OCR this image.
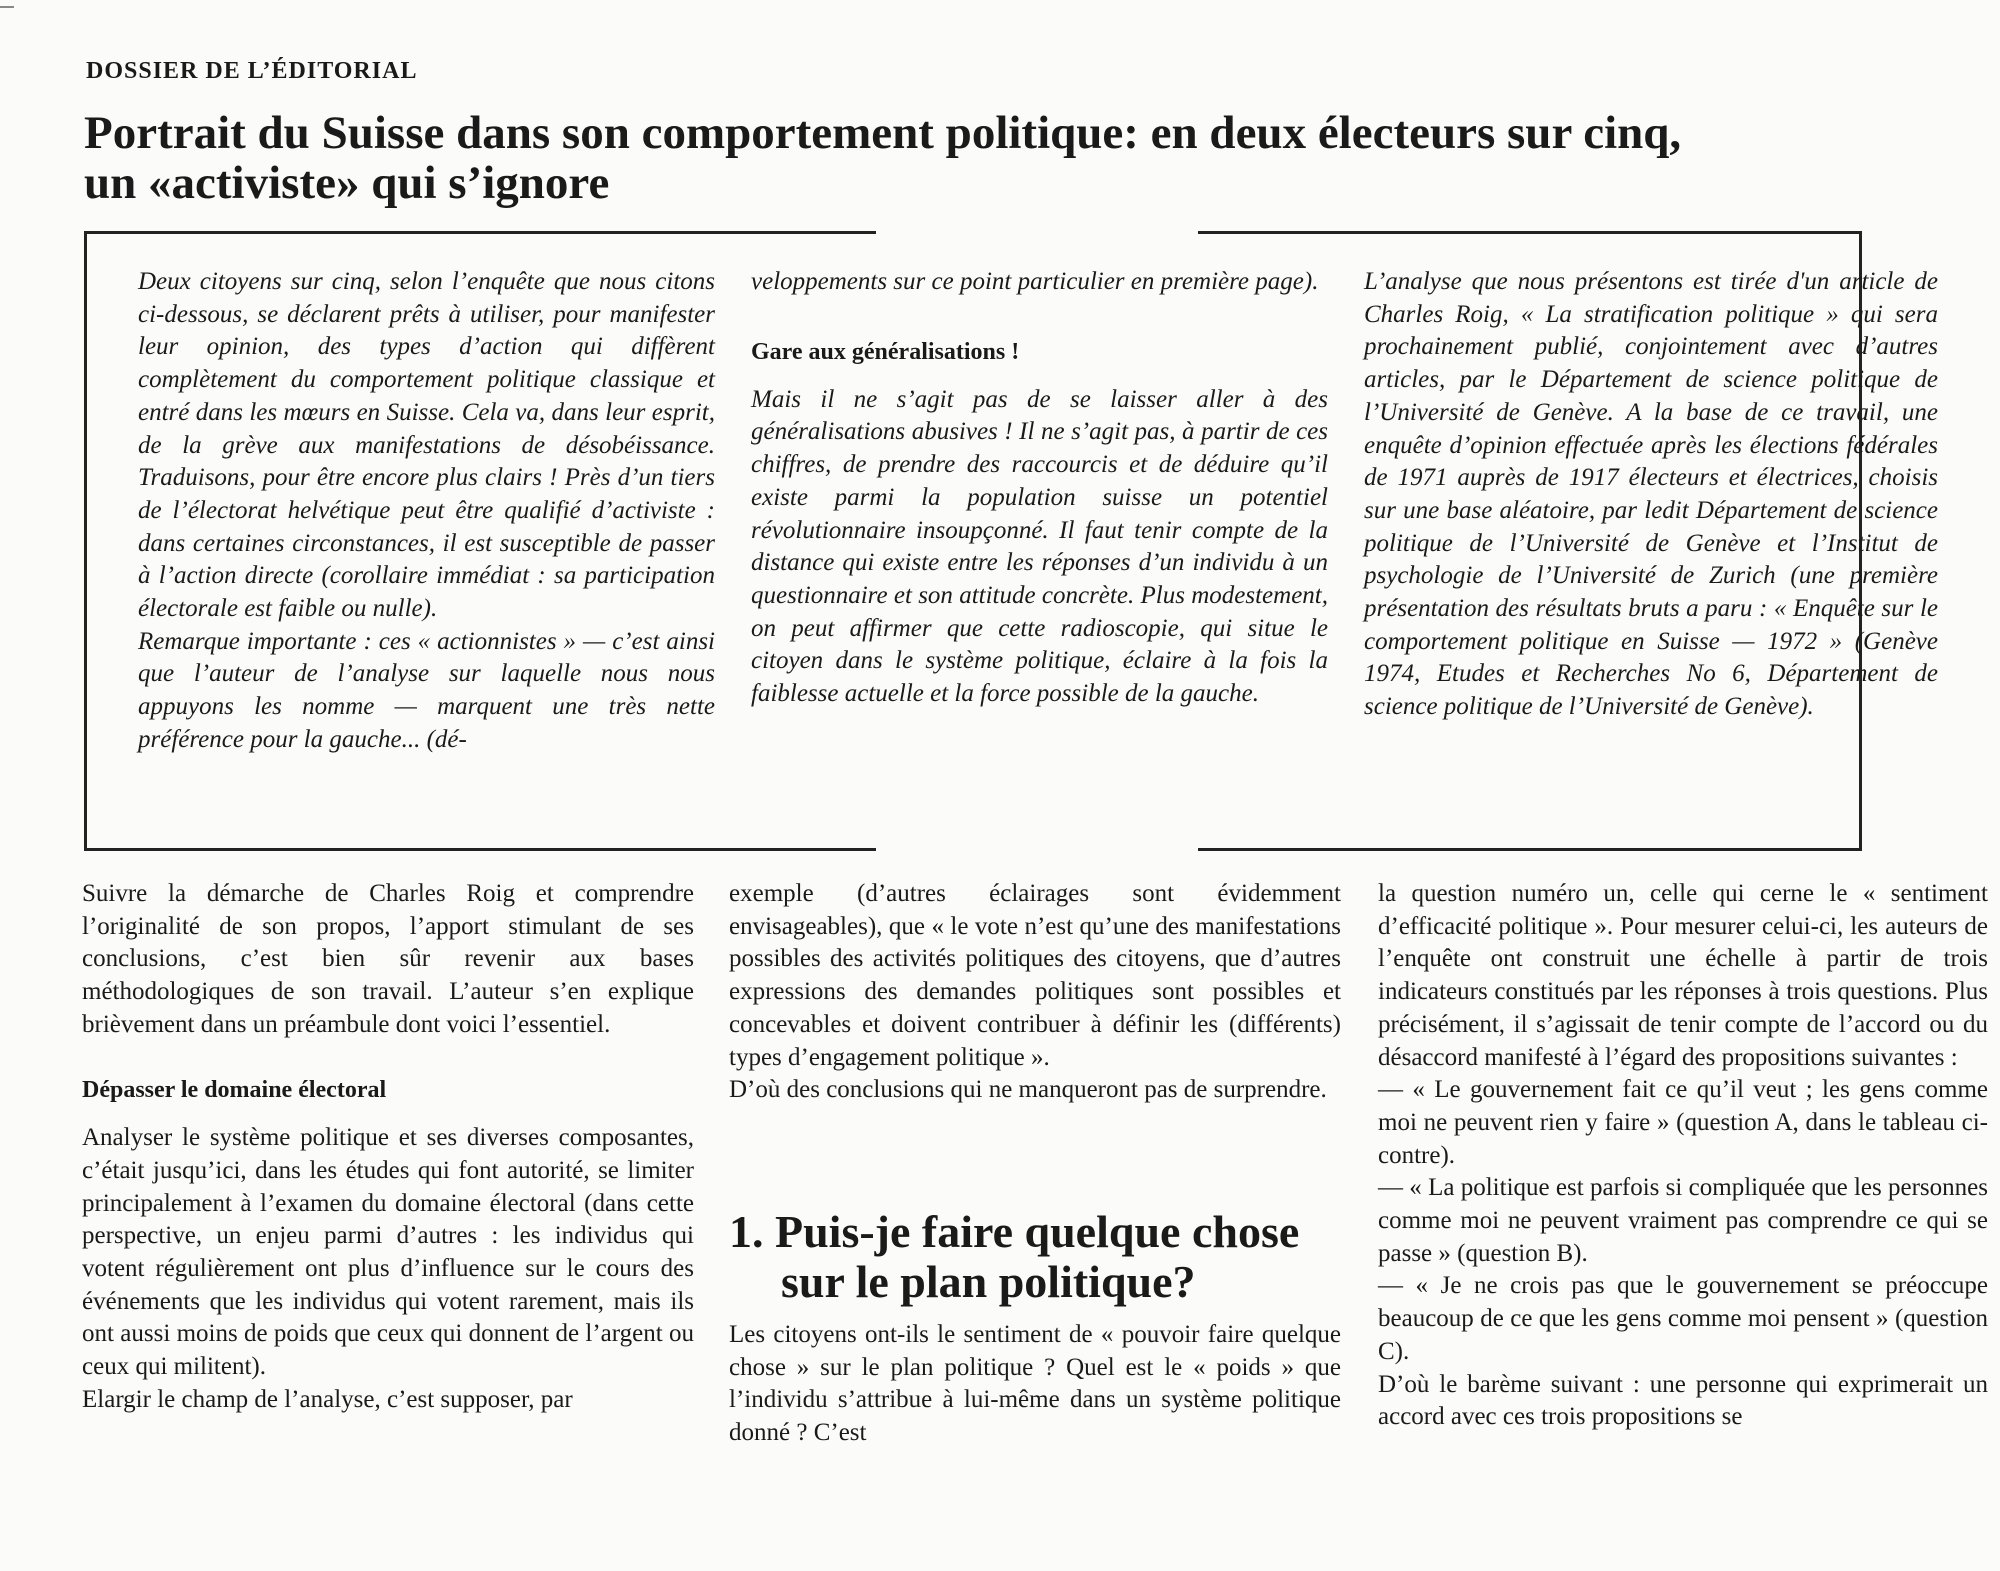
DOSSIER DE L’ÉDITORIAL
Portrait du Suisse dans son comportement politique: en deux électeurs sur cinq,
un «activiste» qui s’ignore

Deux citoyens sur cinq, selon l’enquête que nous citons ci-dessous, se déclarent prêts à utiliser, pour manifester leur opinion, des types d’action qui diffèrent complètement du comportement politique classique et entré dans les mœurs en Suisse. Cela va, dans leur esprit, de la grève aux manifestations de désobéissance. Traduisons, pour être encore plus clairs ! Près d’un tiers de l’électorat helvétique peut être qualifié d’activiste : dans certaines circonstances, il est susceptible de passer à l’action directe (corollaire immédiat : sa participation électorale est faible ou nulle).

Remarque importante : ces « actionnistes » — c’est ainsi que l’auteur de l’analyse sur laquelle nous nous appuyons les nomme — marquent une très nette préférence pour la gauche... (dé-

veloppements sur ce point particulier en première page).

Gare aux généralisations !

Mais il ne s’agit pas de se laisser aller à des généralisations abusives ! Il ne s’agit pas, à partir de ces chiffres, de prendre des raccourcis et de déduire qu’il existe parmi la population suisse un potentiel révolutionnaire insoupçonné. Il faut tenir compte de la distance qui existe entre les réponses d’un individu à un questionnaire et son attitude concrète. Plus modestement, on peut affirmer que cette radioscopie, qui situe le citoyen dans le système politique, éclaire à la fois la faiblesse actuelle et la force possible de la gauche.

L’analyse que nous présentons est tirée d'un article de Charles Roig, « La stratification politique » qui sera prochainement publié, conjointement avec d’autres articles, par le Département de science politique de l’Université de Genève. A la base de ce travail, une enquête d’opinion effectuée après les élections fédérales de 1971 auprès de 1917 électeurs et électrices, choisis sur une base aléatoire, par ledit Département de science politique de l’Université de Genève et l’Institut de psychologie de l’Université de Zurich (une première présentation des résultats bruts a paru : « Enquête sur le comportement politique en Suisse — 1972 » (Genève 1974, Etudes et Recherches No 6, Département de science politique de l’Université de Genève).

Suivre la démarche de Charles Roig et comprendre l’originalité de son propos, l’apport stimulant de ses conclusions, c’est bien sûr revenir aux bases méthodologiques de son travail. L’auteur s’en explique brièvement dans un préambule dont voici l’essentiel.

Dépasser le domaine électoral

Analyser le système politique et ses diverses composantes, c’était jusqu’ici, dans les études qui font autorité, se limiter principalement à l’examen du domaine électoral (dans cette perspective, un enjeu parmi d’autres : les individus qui votent régulièrement ont plus d’influence sur le cours des événements que les individus qui votent rarement, mais ils ont aussi moins de poids que ceux qui donnent de l’argent ou ceux qui militent).

Elargir le champ de l’analyse, c’est supposer, par

exemple (d’autres éclairages sont évidemment envisageables), que « le vote n’est qu’une des manifestations possibles des activités politiques des citoyens, que d’autres expressions des demandes politiques sont possibles et concevables et doivent contribuer à définir les (différents) types d’engagement politique ».

D’où des conclusions qui ne manqueront pas de surprendre.

1. Puis-je faire quelque chose
sur le plan politique?

Les citoyens ont-ils le sentiment de « pouvoir faire quelque chose » sur le plan politique ? Quel est le « poids » que l’individu s’attribue à lui-même dans un système politique donné ? C’est

la question numéro un, celle qui cerne le « sentiment d’efficacité politique ». Pour mesurer celui-ci, les auteurs de l’enquête ont construit une échelle à partir de trois indicateurs constitués par les réponses à trois questions. Plus précisément, il s’agissait de tenir compte de l’accord ou du désaccord manifesté à l’égard des propositions suivantes :

— « Le gouvernement fait ce qu’il veut ; les gens comme moi ne peuvent rien y faire » (question A, dans le tableau ci-contre).

— « La politique est parfois si compliquée que les personnes comme moi ne peuvent vraiment pas comprendre ce qui se passe » (question B).

— « Je ne crois pas que le gouvernement se préoccupe beaucoup de ce que les gens comme moi pensent » (question C).

D’où le barème suivant : une personne qui exprimerait un accord avec ces trois propositions se
